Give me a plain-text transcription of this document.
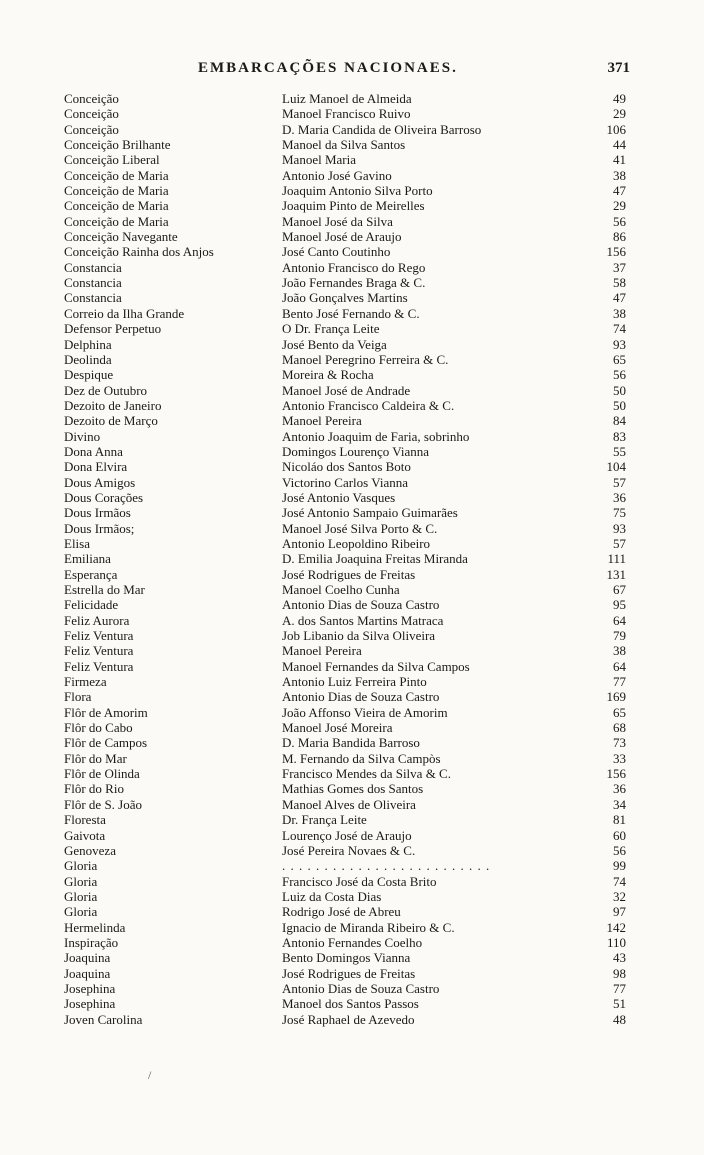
EMBARCAÇÕES NACIONAES.	371
Conceição	Luiz Manoel de Almeida	49
Conceição	Manoel Francisco Ruivo	29
Conceição	D. Maria Candida de Oliveira Barroso	106
Conceição Brilhante	Manoel da Silva Santos	44
Conceição Liberal	Manoel Maria	41
Conceição de Maria	Antonio José Gavino	38
Conceição de Maria	Joaquim Antonio Silva Porto	47
Conceição de Maria	Joaquim Pinto de Meirelles	29
Conceição de Maria	Manoel José da Silva	56
Conceição Navegante	Manoel José de Araujo	86
Conceição Rainha dos Anjos	José Canto Coutinho	156
Constancia	Antonio Francisco do Rego	37
Constancia	João Fernandes Braga & C.	58
Constancia	João Gonçalves Martins	47
Correio da Ilha Grande	Bento José Fernando & C.	38
Defensor Perpetuo	O Dr. França Leite	74
Delphina	José Bento da Veiga	93
Deolinda	Manoel Peregrino Ferreira & C.	65
Despique	Moreira & Rocha	56
Dez de Outubro	Manoel José de Andrade	50
Dezoito de Janeiro	Antonio Francisco Caldeira & C.	50
Dezoito de Março	Manoel Pereira	84
Divino	Antonio Joaquim de Faria, sobrinho	83
Dona Anna	Domingos Lourenço Vianna	55
Dona Elvira	Nicoláo dos Santos Boto	104
Dous Amigos	Victorino Carlos Vianna	57
Dous Corações	José Antonio Vasques	36
Dous Irmãos	José Antonio Sampaio Guimarães	75
Dous Irmãos;	Manoel José Silva Porto & C.	93
Elisa	Antonio Leopoldino Ribeiro	57
Emiliana	D. Emilia Joaquina Freitas Miranda	111
Esperança	José Rodrigues de Freitas	131
Estrella do Mar	Manoel Coelho Cunha	67
Felicidade	Antonio Dias de Souza Castro	95
Feliz Aurora	A. dos Santos Martins Matraca	64
Feliz Ventura	Job Libanio da Silva Oliveira	79
Feliz Ventura	Manoel Pereira	38
Feliz Ventura	Manoel Fernandes da Silva Campos	64
Firmeza	Antonio Luiz Ferreira Pinto	77
Flora	Antonio Dias de Souza Castro	169
Flôr de Amorim	João Affonso Vieira de Amorim	65
Flôr do Cabo	Manoel José Moreira	68
Flôr de Campos	D. Maria Bandida Barroso	73
Flôr do Mar	M. Fernando da Silva Campòs	33
Flôr de Olinda	Francisco Mendes da Silva & C.	156
Flôr do Rio	Mathias Gomes dos Santos	36
Flôr de S. João	Manoel Alves de Oliveira	34
Floresta	Dr. França Leite	81
Gaivota	Lourenço José de Araujo	60
Genoveza	José Pereira Novaes & C.	56
Gloria	. . . . . . . . . . . . . . . . . . . . . . . . .	99
Gloria	Francisco José da Costa Brito	74
Gloria	Luiz da Costa Dias	32
Gloria	Rodrigo José de Abreu	97
Hermelinda	Ignacio de Miranda Ribeiro & C.	142
Inspiração	Antonio Fernandes Coelho	110
Joaquina	Bento Domingos Vianna	43
Joaquina	José Rodrigues de Freitas	98
Josephina	Antonio Dias de Souza Castro	77
Josephina	Manoel dos Santos Passos	51
Joven Carolina	José Raphael de Azevedo	48
/
